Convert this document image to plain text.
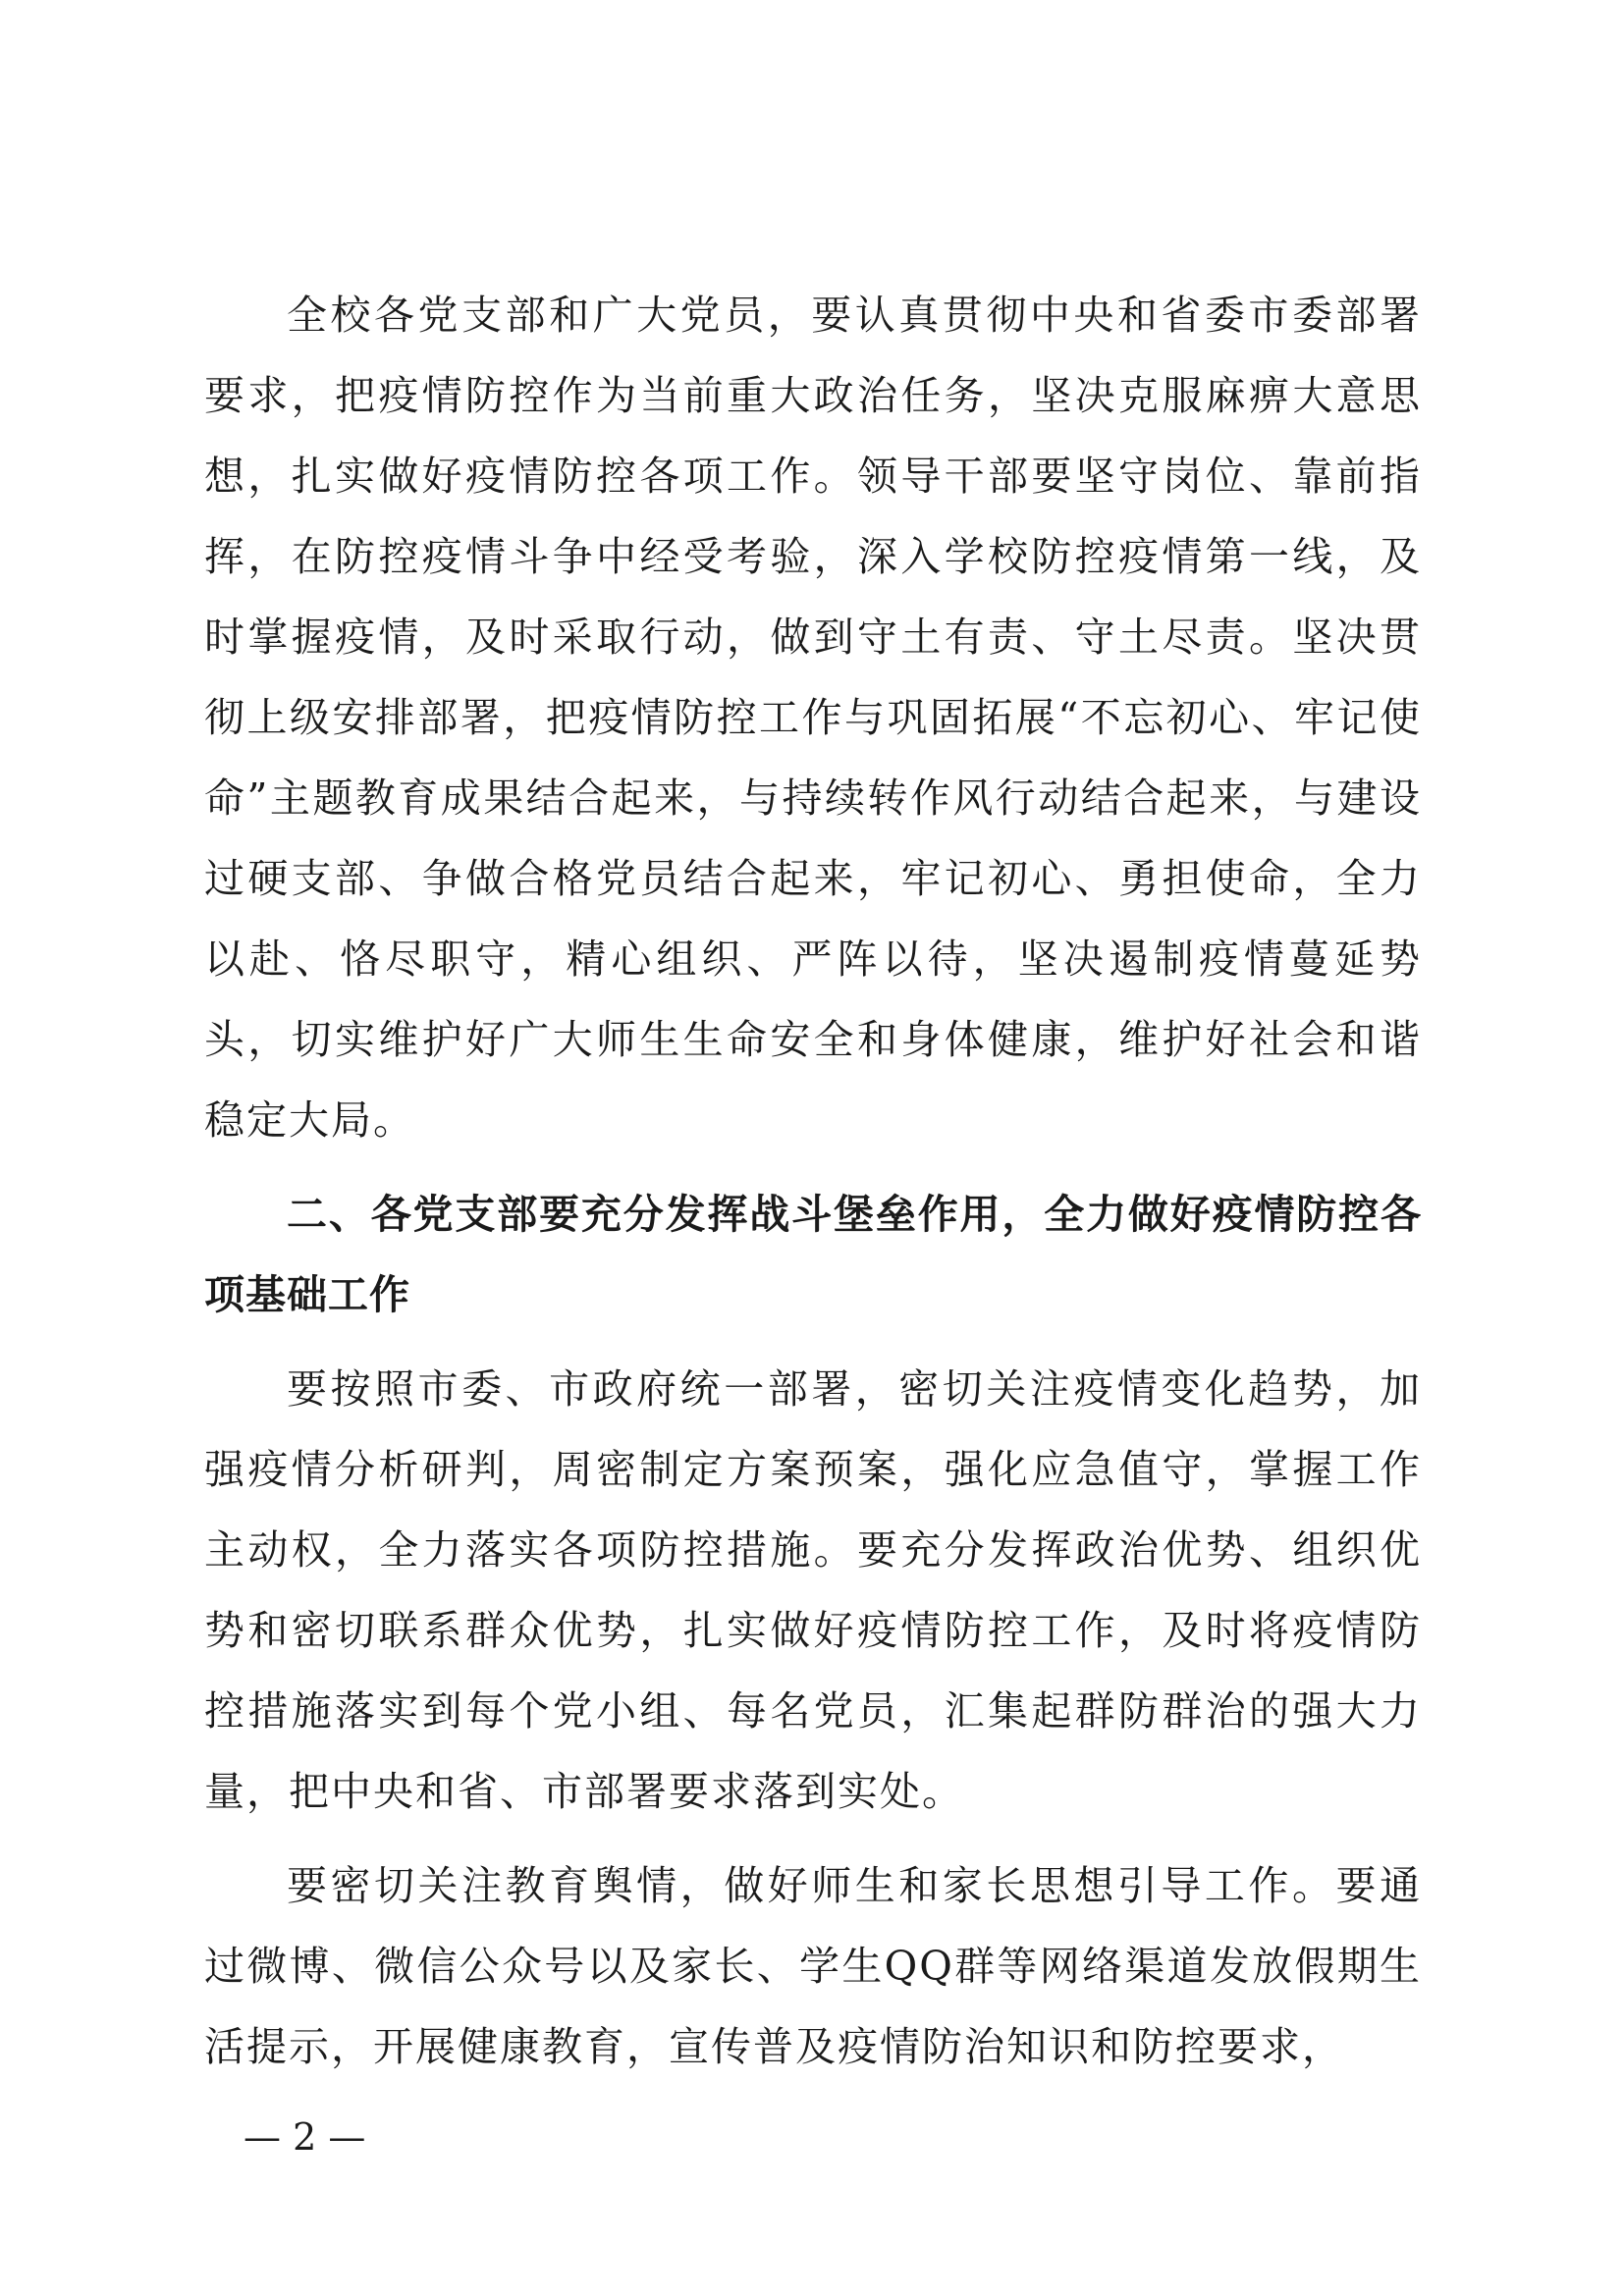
全校各党支部和广大党员，要认真贯彻中央和省委市委部署要求，把疫情防控作为当前重大政治任务，坚决克服麻痹大意思想，扎实做好疫情防控各项工作。领导干部要坚守岗位、靠前指挥，在防控疫情斗争中经受考验，深入学校防控疫情第一线，及时掌握疫情，及时采取行动，做到守土有责、守土尽责。坚决贯彻上级安排部署，把疫情防控工作与巩固拓展“不忘初心、牢记使命”主题教育成果结合起来，与持续转作风行动结合起来，与建设过硬支部、争做合格党员结合起来，牢记初心、勇担使命，全力以赴、恪尽职守，精心组织、严阵以待，坚决遏制疫情蔓延势头，切实维护好广大师生生命安全和身体健康，维护好社会和谐稳定大局。

二、各党支部要充分发挥战斗堡垒作用，全力做好疫情防控各项基础工作

要按照市委、市政府统一部署，密切关注疫情变化趋势，加强疫情分析研判，周密制定方案预案，强化应急值守，掌握工作主动权，全力落实各项防控措施。要充分发挥政治优势、组织优势和密切联系群众优势，扎实做好疫情防控工作，及时将疫情防控措施落实到每个党小组、每名党员，汇集起群防群治的强大力量，把中央和省、市部署要求落到实处。

要密切关注教育舆情，做好师生和家长思想引导工作。要通过微博、微信公众号以及家长、学生QQ群等网络渠道发放假期生活提示，开展健康教育，宣传普及疫情防治知识和防控要求，

— 2 —
